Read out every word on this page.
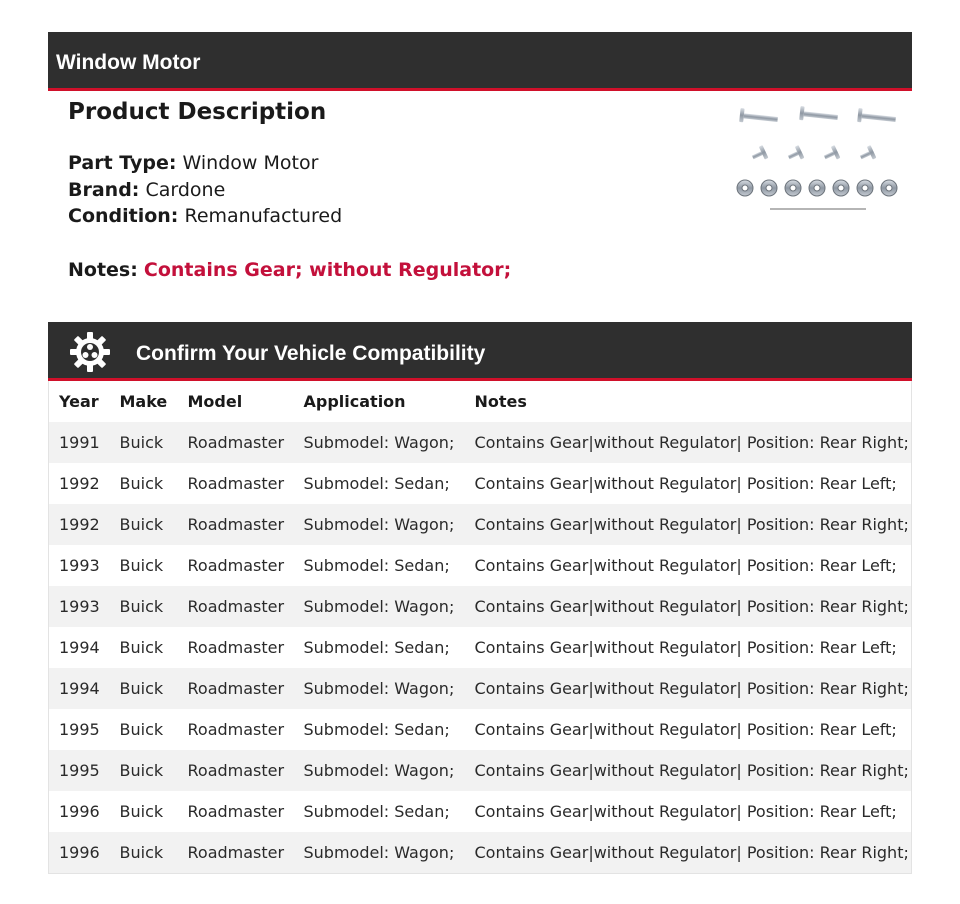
Window Motor
Product Description
Part Type: Window Motor
Brand: Cardone
Condition: Remanufactured
Notes: Contains Gear; without Regulator;
Confirm Your Vehicle Compatibility
Year	Make	Model	Application	Notes
1991	Buick	Roadmaster	Submodel: Wagon;	Contains Gear|without Regulator| Position: Rear Right;
1992	Buick	Roadmaster	Submodel: Sedan;	Contains Gear|without Regulator| Position: Rear Left;
1992	Buick	Roadmaster	Submodel: Wagon;	Contains Gear|without Regulator| Position: Rear Right;
1993	Buick	Roadmaster	Submodel: Sedan;	Contains Gear|without Regulator| Position: Rear Left;
1993	Buick	Roadmaster	Submodel: Wagon;	Contains Gear|without Regulator| Position: Rear Right;
1994	Buick	Roadmaster	Submodel: Sedan;	Contains Gear|without Regulator| Position: Rear Left;
1994	Buick	Roadmaster	Submodel: Wagon;	Contains Gear|without Regulator| Position: Rear Right;
1995	Buick	Roadmaster	Submodel: Sedan;	Contains Gear|without Regulator| Position: Rear Left;
1995	Buick	Roadmaster	Submodel: Wagon;	Contains Gear|without Regulator| Position: Rear Right;
1996	Buick	Roadmaster	Submodel: Sedan;	Contains Gear|without Regulator| Position: Rear Left;
1996	Buick	Roadmaster	Submodel: Wagon;	Contains Gear|without Regulator| Position: Rear Right;
